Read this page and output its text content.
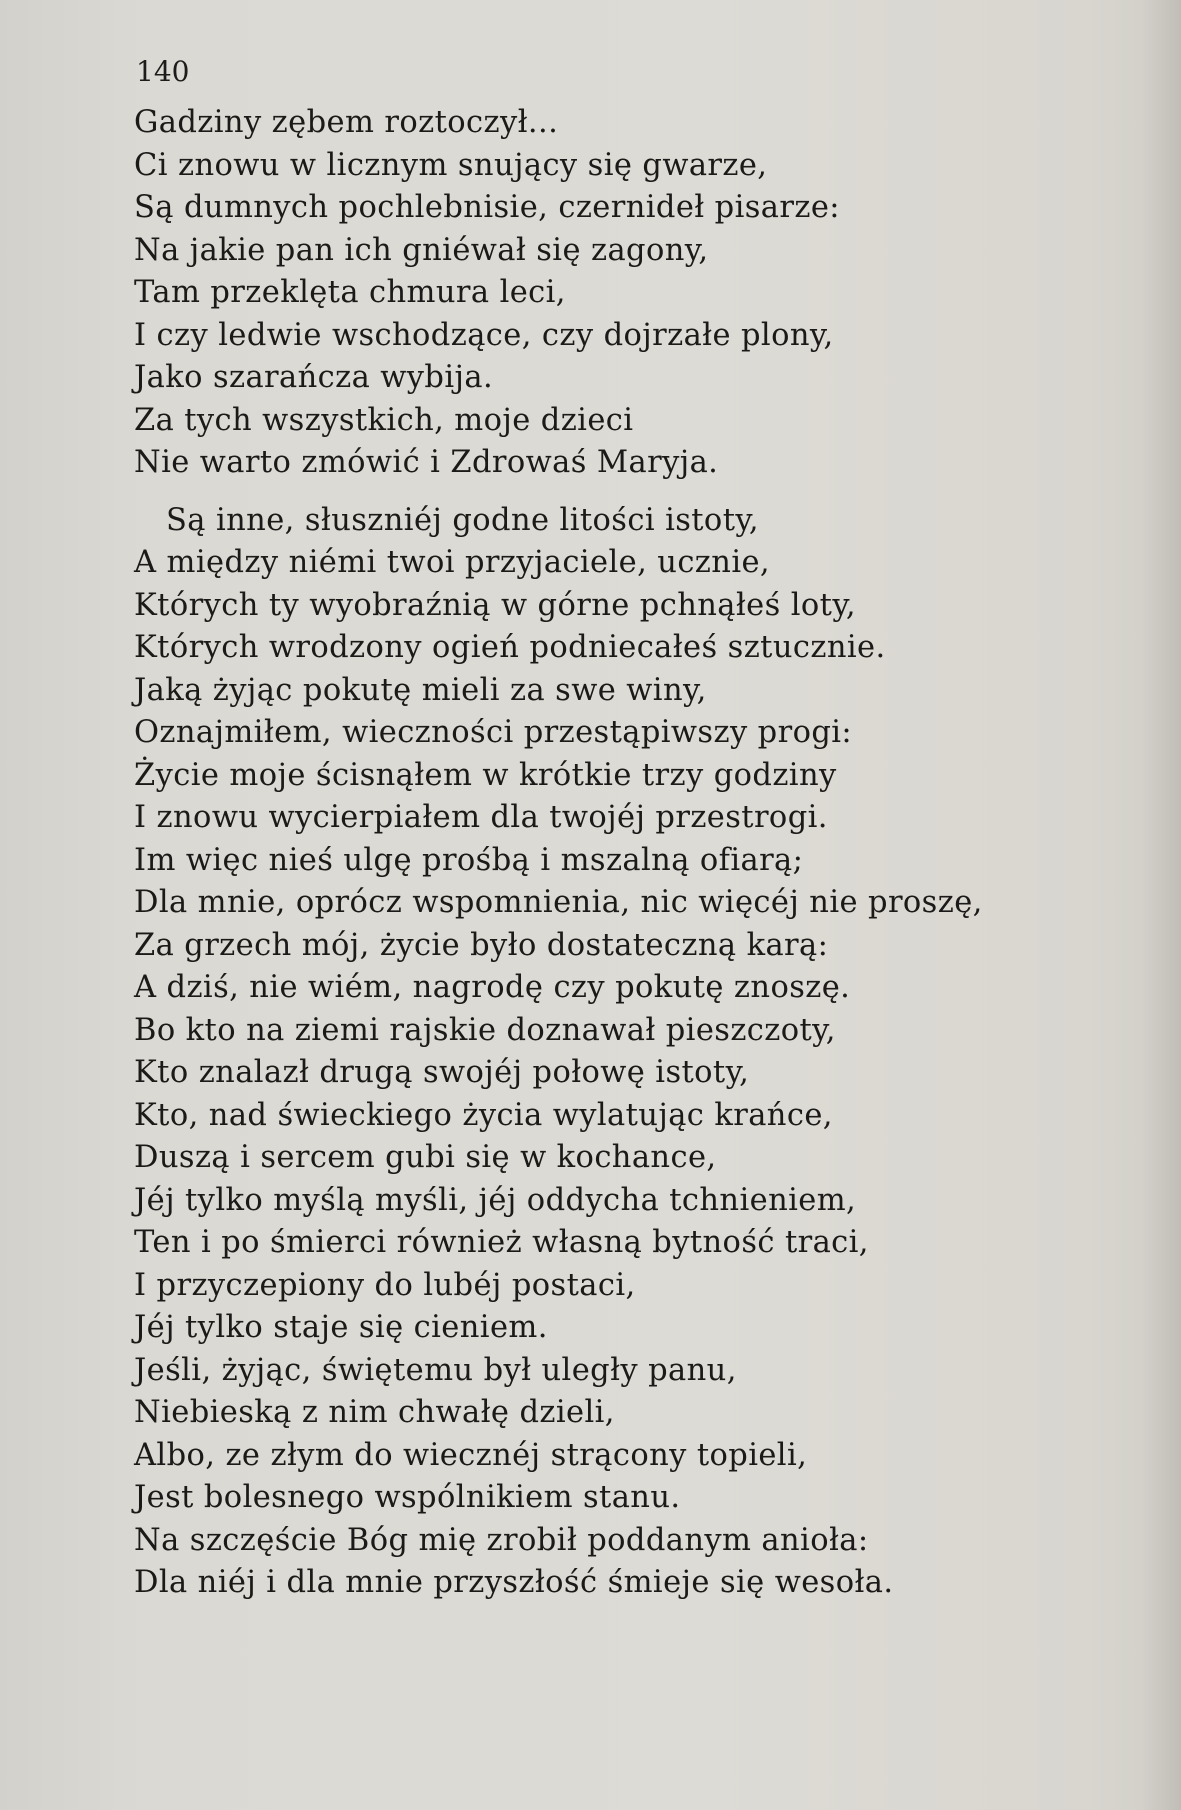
140
Gadziny zębem roztoczył...
Ci znowu w licznym snujący się gwarze,
Są dumnych pochlebnisie, czernideł pisarze:
Na jakie pan ich gniéwał się zagony,
Tam przeklęta chmura leci,
I czy ledwie wschodzące, czy dojrzałe plony,
Jako szarańcza wybija.
Za tych wszystkich, moje dzieci
Nie warto zmówić i Zdrowaś Maryja.
Są inne, słuszniéj godne litości istoty,
A między niémi twoi przyjaciele, ucznie,
Których ty wyobraźnią w górne pchnąłeś loty,
Których wrodzony ogień podniecałeś sztucznie.
Jaką żyjąc pokutę mieli za swe winy,
Oznajmiłem, wieczności przestąpiwszy progi:
Życie moje ścisnąłem w krótkie trzy godziny
I znowu wycierpiałem dla twojéj przestrogi.
Im więc nieś ulgę prośbą i mszalną ofiarą;
Dla mnie, oprócz wspomnienia, nic więcéj nie proszę,
Za grzech mój, życie było dostateczną karą:
A dziś, nie wiém, nagrodę czy pokutę znoszę.
Bo kto na ziemi rajskie doznawał pieszczoty,
Kto znalazł drugą swojéj połowę istoty,
Kto, nad świeckiego życia wylatując krańce,
Duszą i sercem gubi się w kochance,
Jéj tylko myślą myśli, jéj oddycha tchnieniem,
Ten i po śmierci również własną bytność traci,
I przyczepiony do lubéj postaci,
Jéj tylko staje się cieniem.
Jeśli, żyjąc, świętemu był uległy panu,
Niebieską z nim chwałę dzieli,
Albo, ze złym do wiecznéj strącony topieli,
Jest bolesnego wspólnikiem stanu.
Na szczęście Bóg mię zrobił poddanym anioła:
Dla niéj i dla mnie przyszłość śmieje się wesoła.
